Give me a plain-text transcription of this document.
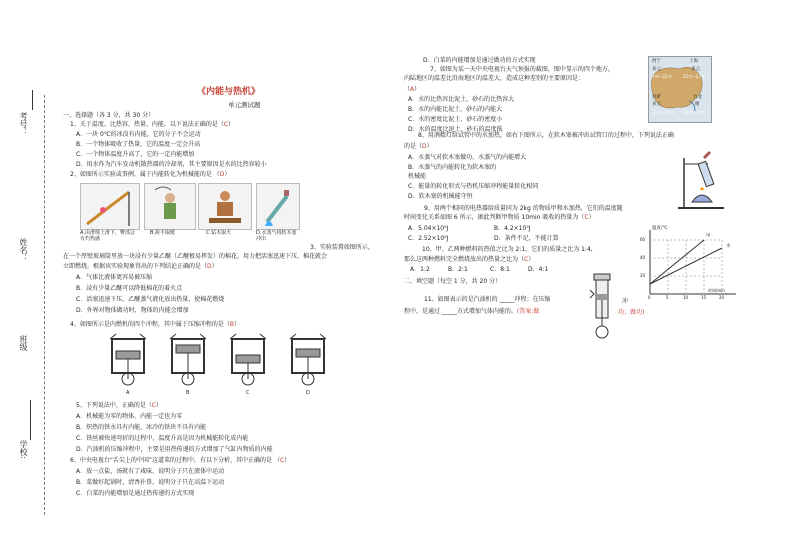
学校:
班级
姓名：
考号：
《内能与热机》
单元测试题
一、选择题（各 3 分，共 30 分）
1、关于温度、比热容、热量、内能，以下说法正确的是（C）
A．一块 0℃的冰没有内能，它的分子不会运动
B．一个物体吸收了热量，它的温度一定会升高
C．一个物体温度升高了，它的一定内能增加
D．用水作为汽车发动机散热器的冷却剂，其主要原因是水的比热容较小
2、如图所示实验或事例，属于内能转化为机械能的是 （D）
A.由滑梯上滑下，臀部会有灼热感
B.搓手取暖	C.钻木取火	D.水蒸气将软木塞冲出
3、实验装置如图所示，
在一个厚壁玻璃筒里放一块浸有少量乙醚（乙醚极易挥发）的棉花，用力把活塞迅速下压，棉花就会
立即燃烧。根据该实验现象得出的下列结论正确的是（D）
A．气体比液体更容易被压缩
B．浸有少量乙醚可以降低棉花的着火点
C．活塞迅速下压，乙醚蒸气液化放出热量，使棉花燃烧
D．外界对物体做功时，物体的内能会增加
4、如图所示是内燃机的四个冲程，其中属于压缩冲程的是（B）
A	B	C	D
5、下列说法中，正确的是（C）
A．机械能为零的物体，内能一定也为零
B．炽热的铁水具有内能，冰冷的铁块不具有内能
C．铁丝被快速弯折的过程中，温度升高是因为机械能转化成内能
D．汽油机的压缩冲程中，主要是用热传递的方式增加了气缸内物质的内能
6、中央电视台“舌尖上的中国”这道菜的过程中，有以下分析，其中正确的是 （C）
A．放一点盐，汤就有了咸味，说明分子只在液体中运动
B．菜做好起锅时，清香扑鼻，说明分子只在高温下运动
C．白菜的内能增加是通过热传递的方式实现
D．白菜的内能增加是通过做功的方式实现
7、如图为某一天中央电视台天气预报的截图，图中显示的四个地方，
内陆地区的温差比沿海地区的温差大，造成这种差别的主要原因是：
（A）
A．水的比热容比泥土、砂石的比热容大
B．水的内能比泥土、砂石的内能大
C．水的密度比泥土、砂石的密度小
D．水的温度比泥土、砂石的温度低
西宁
多云
0℃~22℃
上海
多云
22℃~27℃
拉萨
多云
11℃~24℃
台北
晴
25℃~28℃
8、用酒精灯给试管中的水加热，如右下图所示，在软木塞被冲出试管口的过程中，下列说法正确
的是（D）
A．水蒸气对软木塞做功，水蒸气的内能增大
B．水蒸气的内能转化为软木塞的
机械能
C．能量的转化形式与热机压缩冲程能量转化相同
D．软木塞的机械能守恒
9、用两个相同的电热器给质量同为 2kg 的物质甲和水加热，它们的温度随
时间变化关系如图 6 所示，据此判断甲物质 10min 吸收的热量为（C）
A．5.04×10⁵J	B．4.2×10⁵J
C．2.52×10⁵J	D．条件不足，不能计算
温度/℃
甲
水
60
40
20
0	5	10	15	20
时间/min
10、甲、乙两种燃料的热值之比为 2:1，它们的质量之比为 1:4，
那么这两种燃料完全燃烧放出的热量之比为（C）
A．1:2	B．2:1	C．8:1	D．4:1
二、填空题（每空 1 分，共 20 分）
11、如图表示的是汽油机的 _____冲程；在压缩
程中，是通过 _____方式增加气体内能的。(答案:做
冲
功；做功)
